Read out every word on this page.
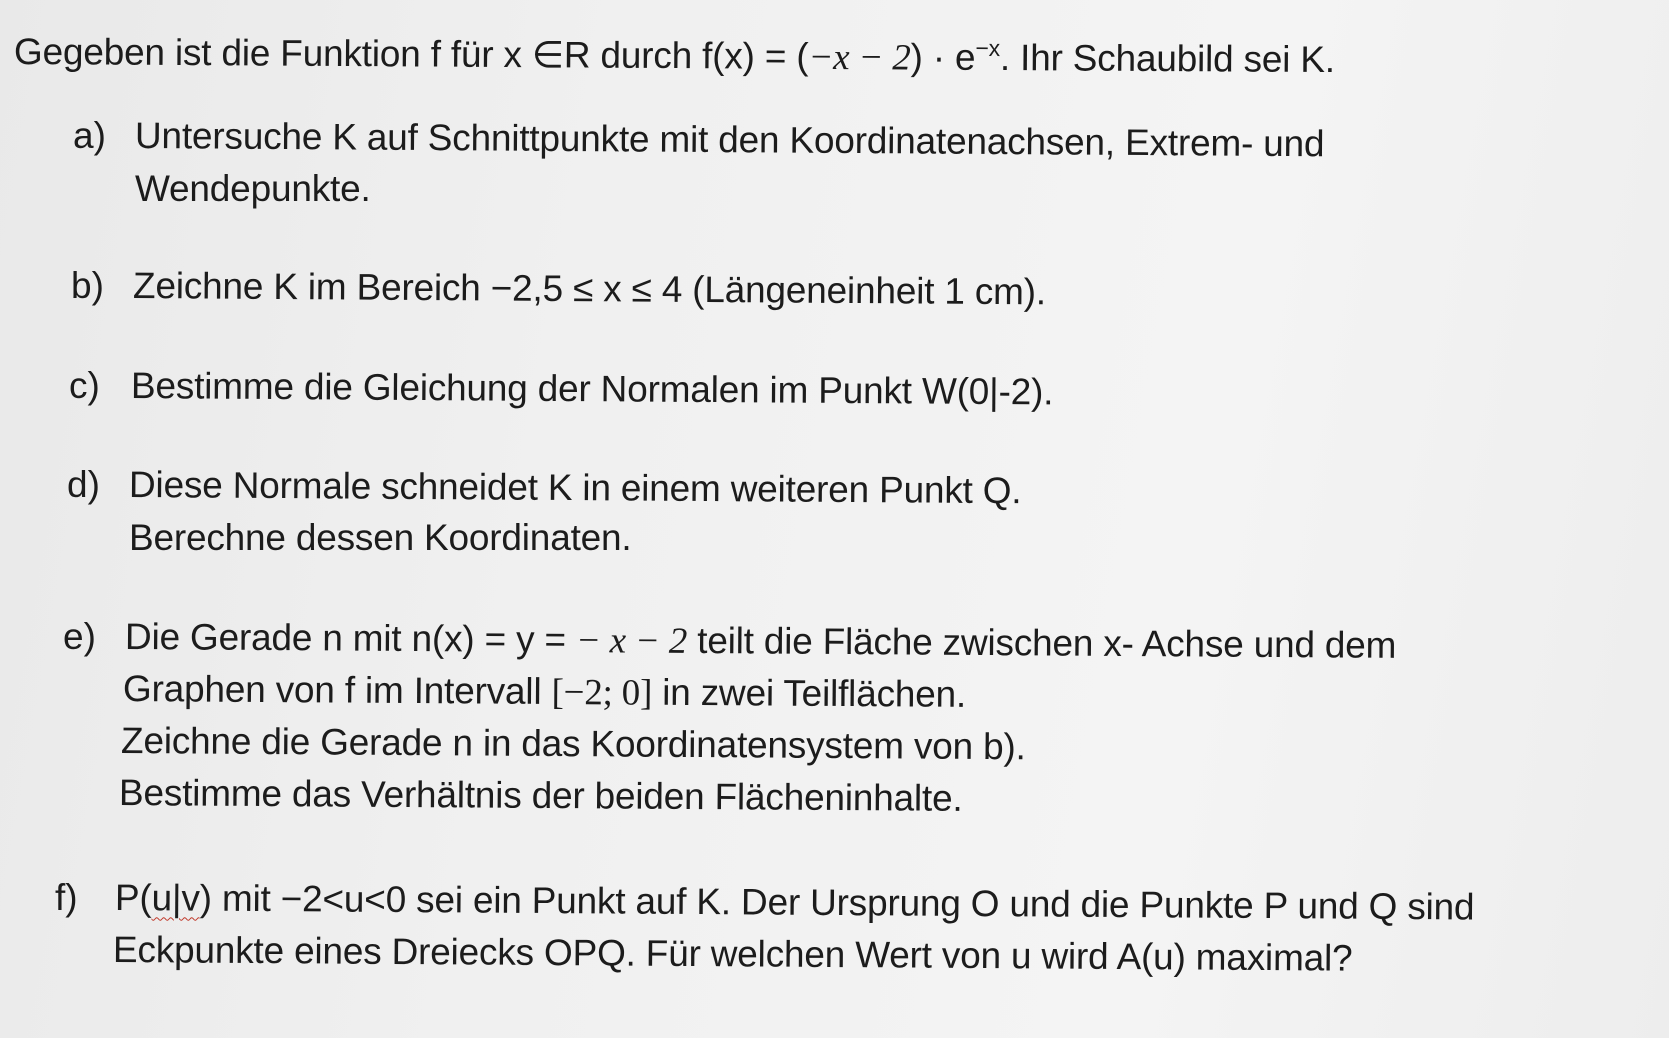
Gegeben ist die Funktion f für x ∈R durch $f(x) = (-x - 2) \cdot e^{-x}$. Ihr Schaubild sei K.
a) Untersuche K auf Schnittpunkte mit den Koordinatenachsen, Extrem- und
Wendepunkte.
b) Zeichne K im Bereich −2,5 ≤ x ≤ 4 (Längeneinheit 1 cm).
c) Bestimme die Gleichung der Normalen im Punkt W(0|-2).
d) Diese Normale schneidet K in einem weiteren Punkt Q.
Berechne dessen Koordinaten.
e) Die Gerade n mit n(x) = y = − x − 2 teilt die Fläche zwischen x- Achse und dem
Graphen von f im Intervall [−2; 0] in zwei Teilflächen.
Zeichne die Gerade n in das Koordinatensystem von b).
Bestimme das Verhältnis der beiden Flächeninhalte.
f) P(u|v) mit −2<u<0 sei ein Punkt auf K. Der Ursprung O und die Punkte P und Q sind
Eckpunkte eines Dreiecks OPQ. Für welchen Wert von u wird A(u) maximal?
